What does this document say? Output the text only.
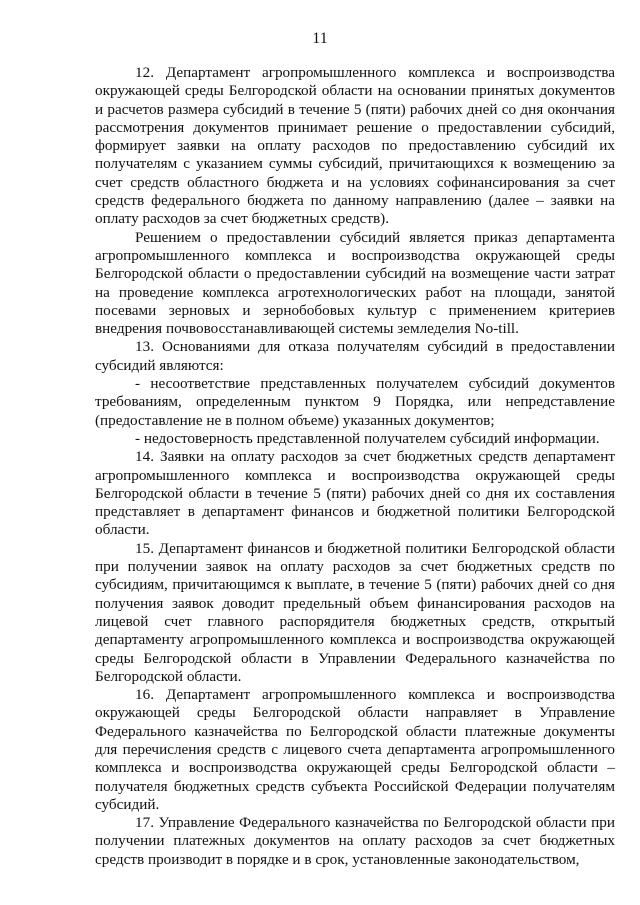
11

12. Департамент агропромышленного комплекса и воспроизводства окружающей среды Белгородской области на основании принятых документов и расчетов размера субсидий в течение 5 (пяти) рабочих дней со дня окончания рассмотрения документов принимает решение о предоставлении субсидий, формирует заявки на оплату расходов по предоставлению субсидий их получателям с указанием суммы субсидий, причитающихся к возмещению за счет средств областного бюджета и на условиях софинансирования за счет средств федерального бюджета по данному направлению (далее – заявки на оплату расходов за счет бюджетных средств).

Решением о предоставлении субсидий является приказ департамента агропромышленного комплекса и воспроизводства окружающей среды Белгородской области о предоставлении субсидий на возмещение части затрат на проведение комплекса агротехнологических работ на площади, занятой посевами зерновых и зернобобовых культур с применением критериев внедрения почвовосстанавливающей системы земледелия No-till.

13. Основаниями для отказа получателям субсидий в предоставлении субсидий являются:

- несоответствие представленных получателем субсидий документов требованиям, определенным пунктом 9 Порядка, или непредставление (предоставление не в полном объеме) указанных документов;

- недостоверность представленной получателем субсидий информации.

14. Заявки на оплату расходов за счет бюджетных средств департамент агропромышленного комплекса и воспроизводства окружающей среды Белгородской области в течение 5 (пяти) рабочих дней со дня их составления представляет в департамент финансов и бюджетной политики Белгородской области.

15. Департамент финансов и бюджетной политики Белгородской области при получении заявок на оплату расходов за счет бюджетных средств по субсидиям, причитающимся к выплате, в течение 5 (пяти) рабочих дней со дня получения заявок доводит предельный объем финансирования расходов на лицевой счет главного распорядителя бюджетных средств, открытый департаменту агропромышленного комплекса и воспроизводства окружающей среды Белгородской области в Управлении Федерального казначейства по Белгородской области.

16. Департамент агропромышленного комплекса и воспроизводства окружающей среды Белгородской области направляет в Управление Федерального казначейства по Белгородской области платежные документы для перечисления средств с лицевого счета департамента агропромышленного комплекса и воспроизводства окружающей среды Белгородской области – получателя бюджетных средств субъекта Российской Федерации получателям субсидий.

17. Управление Федерального казначейства по Белгородской области при получении платежных документов на оплату расходов за счет бюджетных средств производит в порядке и в срок, установленные законодательством,
